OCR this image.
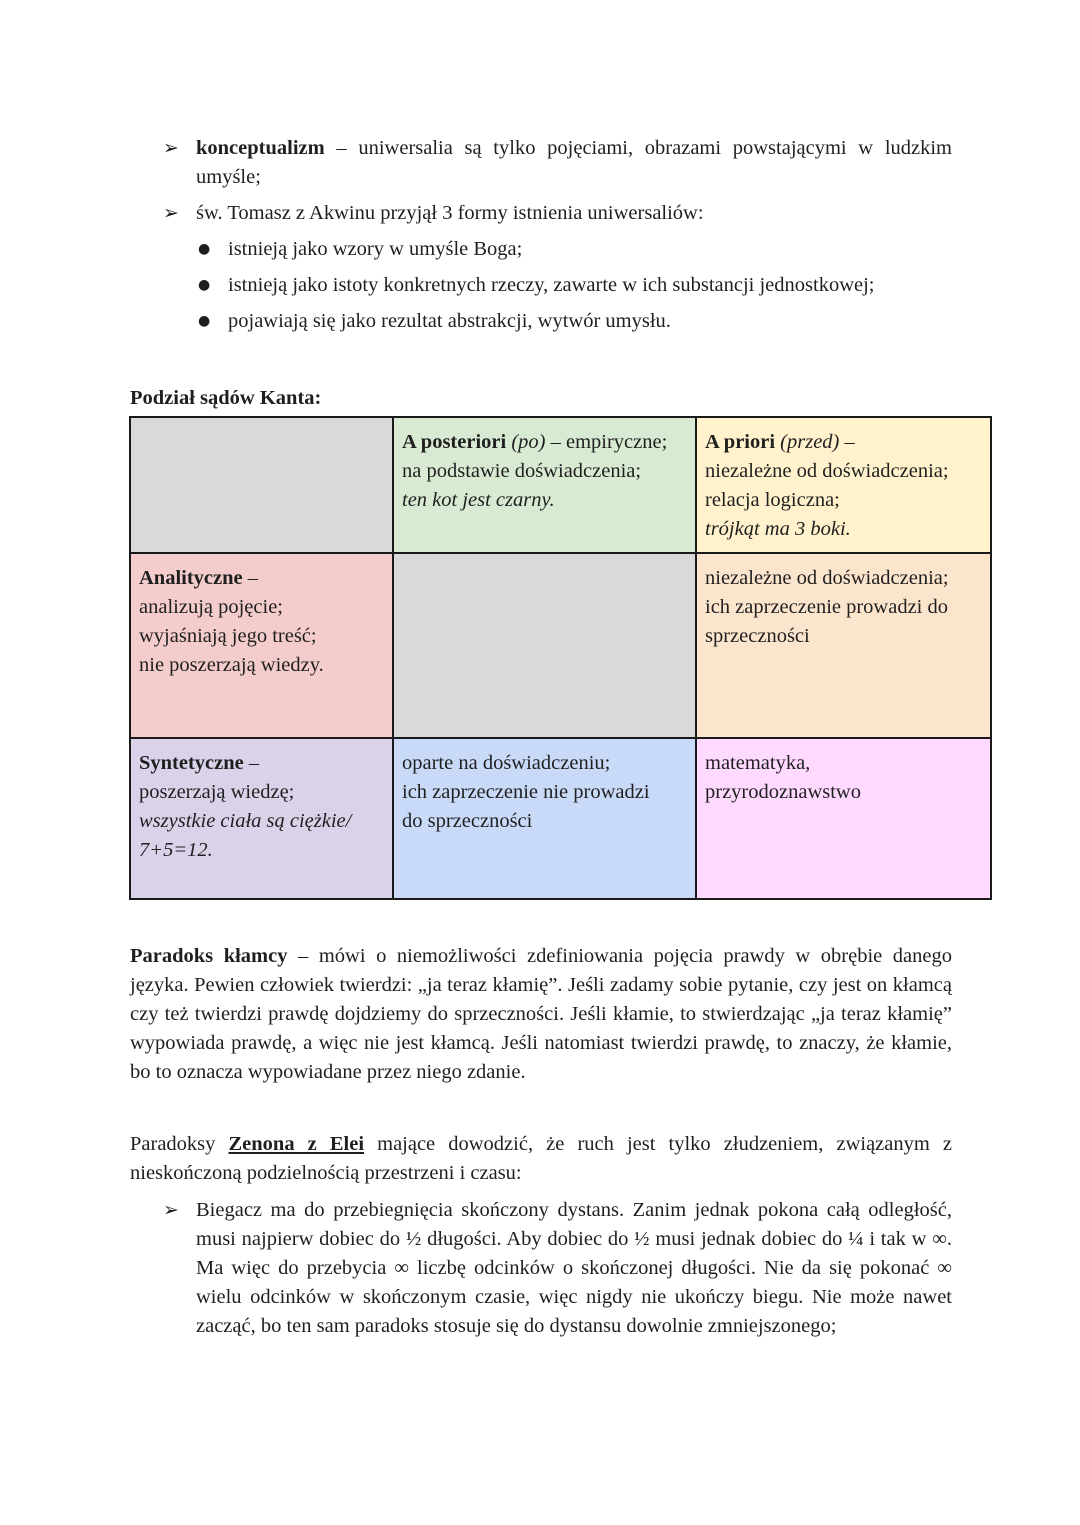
➢ konceptualizm – uniwersalia są tylko pojęciami, obrazami powstającymi w ludzkim umyśle;
➢ św. Tomasz z Akwinu przyjął 3 formy istnienia uniwersaliów:
● istnieją jako wzory w umyśle Boga;
● istnieją jako istoty konkretnych rzeczy, zawarte w ich substancji jednostkowej;
● pojawiają się jako rezultat abstrakcji, wytwór umysłu.
Podział sądów Kanta:

	A posteriori (po) – empiryczne;
na podstawie doświadczenia;
ten kot jest czarny.	A priori (przed) –
niezależne od doświadczenia;
relacja logiczna;
trójkąt ma 3 boki.

Analityczne –
analizują pojęcie;
wyjaśniają jego treść;
nie poszerzają wiedzy.		niezależne od doświadczenia;
ich zaprzeczenie prowadzi do
sprzeczności

Syntetyczne –
poszerzają wiedzę;
wszystkie ciała są ciężkie/
7+5=12.	oparte na doświadczeniu;
ich zaprzeczenie nie prowadzi
do sprzeczności	matematyka,
przyrodoznawstwo
Paradoks kłamcy – mówi o niemożliwości zdefiniowania pojęcia prawdy w obrębie danego języka. Pewien człowiek twierdzi: „ja teraz kłamię”. Jeśli zadamy sobie pytanie, czy jest on kłamcą czy też twierdzi prawdę dojdziemy do sprzeczności. Jeśli kłamie, to stwierdzając „ja teraz kłamię” wypowiada prawdę, a więc nie jest kłamcą. Jeśli natomiast twierdzi prawdę, to znaczy, że kłamie, bo to oznacza wypowiadane przez niego zdanie.
Paradoksy Zenona z Elei mające dowodzić, że ruch jest tylko złudzeniem, związanym z nieskończoną podzielnością przestrzeni i czasu:
➢ Biegacz ma do przebiegnięcia skończony dystans. Zanim jednak pokona całą odległość, musi najpierw dobiec do ½ długości. Aby dobiec do ½ musi jednak dobiec do ¼ i tak w ∞. Ma więc do przebycia ∞ liczbę odcinków o skończonej długości. Nie da się pokonać ∞ wielu odcinków w skończonym czasie, więc nigdy nie ukończy biegu. Nie może nawet zacząć, bo ten sam paradoks stosuje się do dystansu dowolnie zmniejszonego;
